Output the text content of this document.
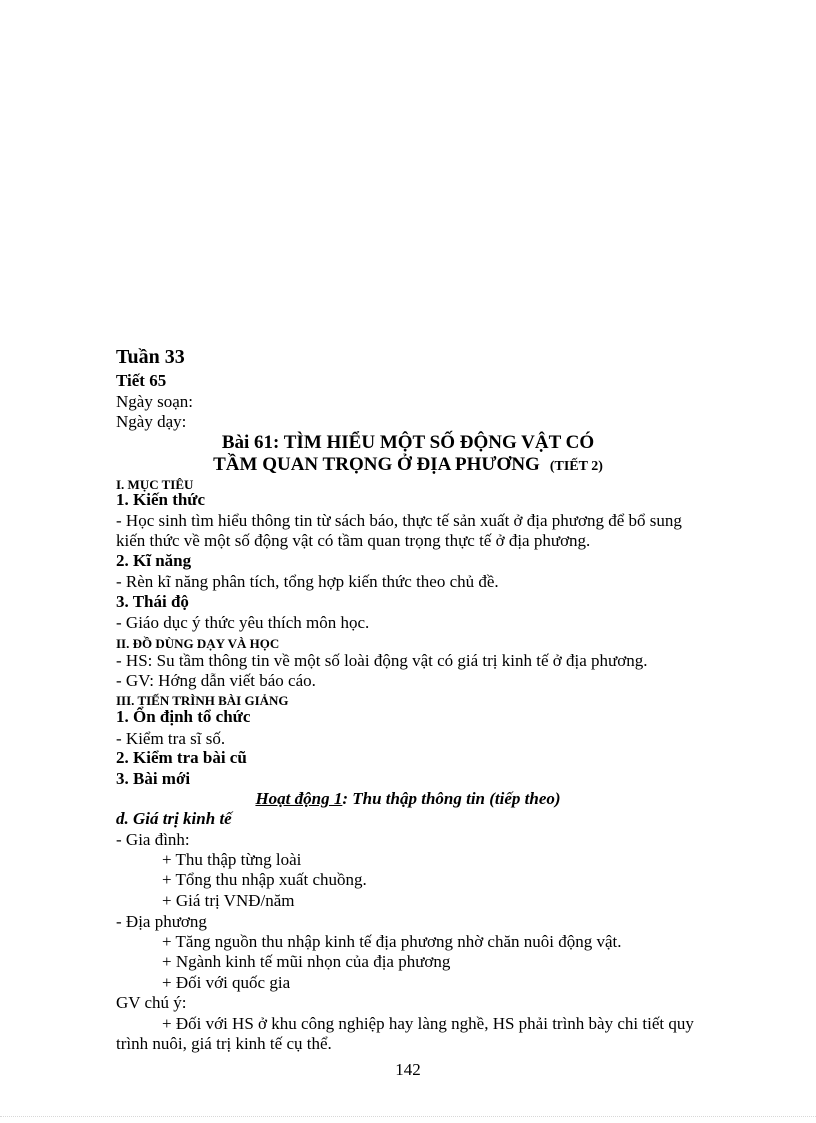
Tuần 33
Tiết 65
Ngày soạn:
Ngày dạy:
Bài 61: TÌM HIỂU MỘT SỐ ĐỘNG VẬT CÓ
TẦM QUAN TRỌNG Ở ĐỊA PHƯƠNG (TIẾT 2)
I. MỤC TIÊU
1. Kiến thức
- Học sinh tìm hiểu thông tin từ sách báo, thực tế sản xuất ở địa phương để bổ sung
kiến thức về một số động vật có tầm quan trọng thực tế ở địa phương.
2. Kĩ năng
- Rèn kĩ năng phân tích, tổng hợp kiến thức theo chủ đề.
3. Thái độ
- Giáo dục ý thức yêu thích môn học.
II. ĐỒ DÙNG DẠY VÀ HỌC
- HS: Su tầm thông tin về một số loài động vật có giá trị kinh tế ở địa phương.
- GV: Hớng dẫn viết báo cáo.
III. TIẾN TRÌNH BÀI GIẢNG
1. Ổn định tổ chức
- Kiểm tra sĩ số.
2. Kiểm tra bài cũ
3. Bài mới
Hoạt động 1: Thu thập thông tin (tiếp theo)
d. Giá trị kinh tế
- Gia đình:
+ Thu thập từng loài
+ Tổng thu nhập xuất chuồng.
+ Giá trị VNĐ/năm
- Địa phương
+ Tăng nguồn thu nhập kinh tế địa phương nhờ chăn nuôi động vật.
+ Ngành kinh tế mũi nhọn của địa phương
+ Đối với quốc gia
GV chú ý:
+ Đối với HS ở khu công nghiệp hay làng nghề, HS phải trình bày chi tiết quy
trình nuôi, giá trị kinh tế cụ thể.
142
